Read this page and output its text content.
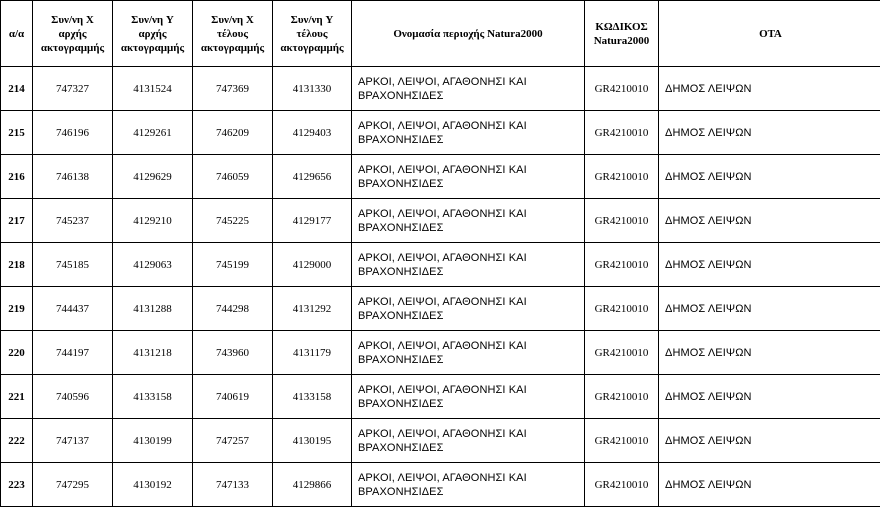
α/α	Συν/νη X
αρχής
ακτογραμμής	Συν/νη Y
αρχής
ακτογραμμής	Συν/νη X
τέλους
ακτογραμμής	Συν/νη Y
τέλους
ακτογραμμής	Ονομασία περιοχής Natura2000	ΚΩΔΙΚΟΣ
Natura2000	ΟΤΑ
214	747327	4131524	747369	4131330	ΑΡΚΟΙ, ΛΕΙΨΟΙ, ΑΓΑΘΟΝΗΣΙ ΚΑΙ ΒΡΑΧΟΝΗΣΙΔΕΣ	GR4210010	ΔΗΜΟΣ ΛΕΙΨΩΝ
215	746196	4129261	746209	4129403	ΑΡΚΟΙ, ΛΕΙΨΟΙ, ΑΓΑΘΟΝΗΣΙ ΚΑΙ ΒΡΑΧΟΝΗΣΙΔΕΣ	GR4210010	ΔΗΜΟΣ ΛΕΙΨΩΝ
216	746138	4129629	746059	4129656	ΑΡΚΟΙ, ΛΕΙΨΟΙ, ΑΓΑΘΟΝΗΣΙ ΚΑΙ ΒΡΑΧΟΝΗΣΙΔΕΣ	GR4210010	ΔΗΜΟΣ ΛΕΙΨΩΝ
217	745237	4129210	745225	4129177	ΑΡΚΟΙ, ΛΕΙΨΟΙ, ΑΓΑΘΟΝΗΣΙ ΚΑΙ ΒΡΑΧΟΝΗΣΙΔΕΣ	GR4210010	ΔΗΜΟΣ ΛΕΙΨΩΝ
218	745185	4129063	745199	4129000	ΑΡΚΟΙ, ΛΕΙΨΟΙ, ΑΓΑΘΟΝΗΣΙ ΚΑΙ ΒΡΑΧΟΝΗΣΙΔΕΣ	GR4210010	ΔΗΜΟΣ ΛΕΙΨΩΝ
219	744437	4131288	744298	4131292	ΑΡΚΟΙ, ΛΕΙΨΟΙ, ΑΓΑΘΟΝΗΣΙ ΚΑΙ ΒΡΑΧΟΝΗΣΙΔΕΣ	GR4210010	ΔΗΜΟΣ ΛΕΙΨΩΝ
220	744197	4131218	743960	4131179	ΑΡΚΟΙ, ΛΕΙΨΟΙ, ΑΓΑΘΟΝΗΣΙ ΚΑΙ ΒΡΑΧΟΝΗΣΙΔΕΣ	GR4210010	ΔΗΜΟΣ ΛΕΙΨΩΝ
221	740596	4133158	740619	4133158	ΑΡΚΟΙ, ΛΕΙΨΟΙ, ΑΓΑΘΟΝΗΣΙ ΚΑΙ ΒΡΑΧΟΝΗΣΙΔΕΣ	GR4210010	ΔΗΜΟΣ ΛΕΙΨΩΝ
222	747137	4130199	747257	4130195	ΑΡΚΟΙ, ΛΕΙΨΟΙ, ΑΓΑΘΟΝΗΣΙ ΚΑΙ ΒΡΑΧΟΝΗΣΙΔΕΣ	GR4210010	ΔΗΜΟΣ ΛΕΙΨΩΝ
223	747295	4130192	747133	4129866	ΑΡΚΟΙ, ΛΕΙΨΟΙ, ΑΓΑΘΟΝΗΣΙ ΚΑΙ ΒΡΑΧΟΝΗΣΙΔΕΣ	GR4210010	ΔΗΜΟΣ ΛΕΙΨΩΝ
